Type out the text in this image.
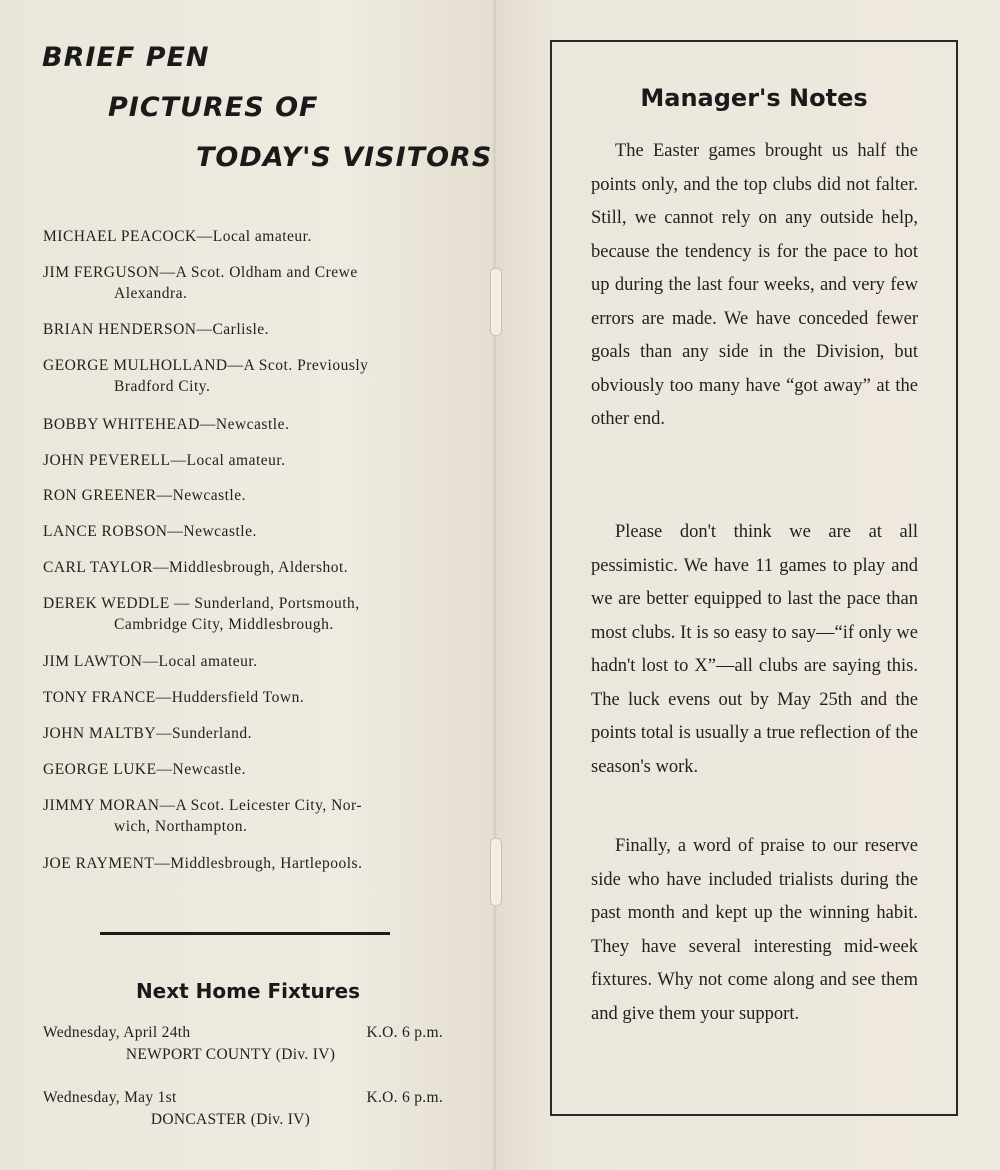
BRIEF PEN
PICTURES OF
TODAY'S VISITORS
MICHAEL PEACOCK—Local amateur.
JIM FERGUSON—A Scot. Oldham and Crewe
Alexandra.
BRIAN HENDERSON—Carlisle.
GEORGE MULHOLLAND—A Scot. Previously
Bradford City.
BOBBY WHITEHEAD—Newcastle.
JOHN PEVERELL—Local amateur.
RON GREENER—Newcastle.
LANCE ROBSON—Newcastle.
CARL TAYLOR—Middlesbrough, Aldershot.
DEREK WEDDLE — Sunderland, Portsmouth,
Cambridge City, Middlesbrough.
JIM LAWTON—Local amateur.
TONY FRANCE—Huddersfield Town.
JOHN MALTBY—Sunderland.
GEORGE LUKE—Newcastle.
JIMMY MORAN—A Scot. Leicester City, Nor-
wich, Northampton.
JOE RAYMENT—Middlesbrough, Hartlepools.
Next Home Fixtures
Wednesday, April 24th	K.O. 6 p.m.
NEWPORT COUNTY (Div. IV)
Wednesday, May 1st	K.O. 6 p.m.
DONCASTER (Div. IV)
Manager's Notes
The Easter games brought us half the points only, and the top clubs did not falter. Still, we cannot rely on any outside help, because the tendency is for the pace to hot up during the last four weeks, and very few errors are made. We have conceded fewer goals than any side in the Division, but obviously too many have “got away” at the other end.
Please don't think we are at all pessimistic. We have 11 games to play and we are better equipped to last the pace than most clubs. It is so easy to say—“if only we hadn't lost to X”—all clubs are saying this. The luck evens out by May 25th and the points total is usually a true reflection of the season's work.
Finally, a word of praise to our reserve side who have included trialists during the past month and kept up the winning habit. They have several interesting mid-week fixtures. Why not come along and see them and give them your support.
